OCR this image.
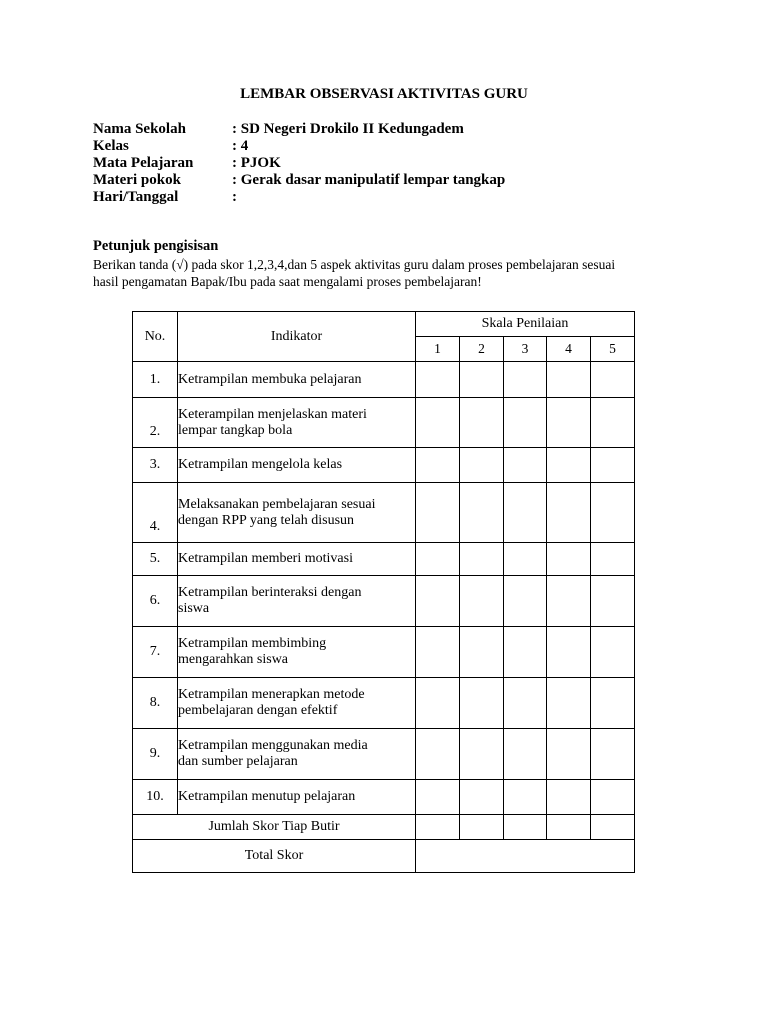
LEMBAR OBSERVASI AKTIVITAS GURU
Nama Sekolah	: SD Negeri Drokilo II Kedungadem
Kelas	: 4
Mata Pelajaran	: PJOK
Materi pokok	: Gerak dasar manipulatif lempar tangkap
Hari/Tanggal	:
Petunjuk pengisisan
Berikan tanda (√) pada skor 1,2,3,4,dan 5 aspek aktivitas guru dalam proses pembelajaran sesuai
hasil pengamatan Bapak/Ibu pada saat mengalami proses pembelajaran!
No.	Indikator	Skala Penilaian				
		1	2	3	4	5
1.	Ketrampilan membuka pelajaran					

2.	Keterampilan menjelaskan materi
lempar tangkap bola					

3.	Ketrampilan mengelola kelas					

4.	Melaksanakan pembelajaran sesuai
dengan RPP yang telah disusun					

5.	Ketrampilan memberi motivasi					

6.	Ketrampilan berinteraksi dengan
siswa					

7.	Ketrampilan membimbing
mengarahkan siswa					

8.	Ketrampilan menerapkan metode
pembelajaran dengan efektif					

9.	Ketrampilan menggunakan media
dan sumber pelajaran					

10.	Ketrampilan menutup pelajaran					

Jumlah Skor Tiap Butir						
Total Skor						
